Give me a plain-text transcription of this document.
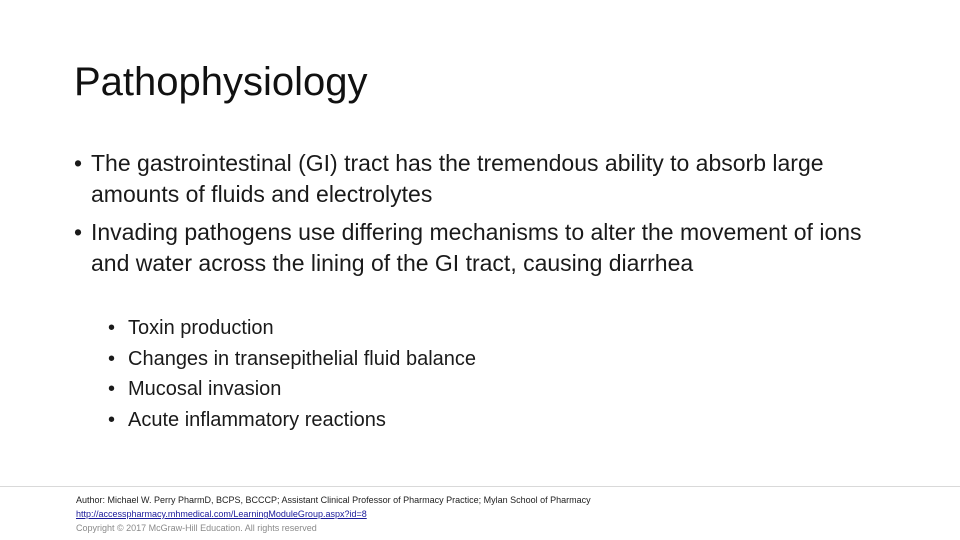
Pathophysiology
• The gastrointestinal (GI) tract has the tremendous ability to absorb large amounts of fluids and electrolytes
• Invading pathogens use differing mechanisms to alter the movement of ions and water across the lining of the GI tract, causing diarrhea
• Toxin production
• Changes in transepithelial fluid balance
• Mucosal invasion
• Acute inflammatory reactions
Author: Michael W. Perry PharmD, BCPS, BCCCP; Assistant Clinical Professor of Pharmacy Practice; Mylan School of Pharmacy
http://accesspharmacy.mhmedical.com/LearningModuleGroup.aspx?id=8
Copyright © 2017 McGraw-Hill Education. All rights reserved
